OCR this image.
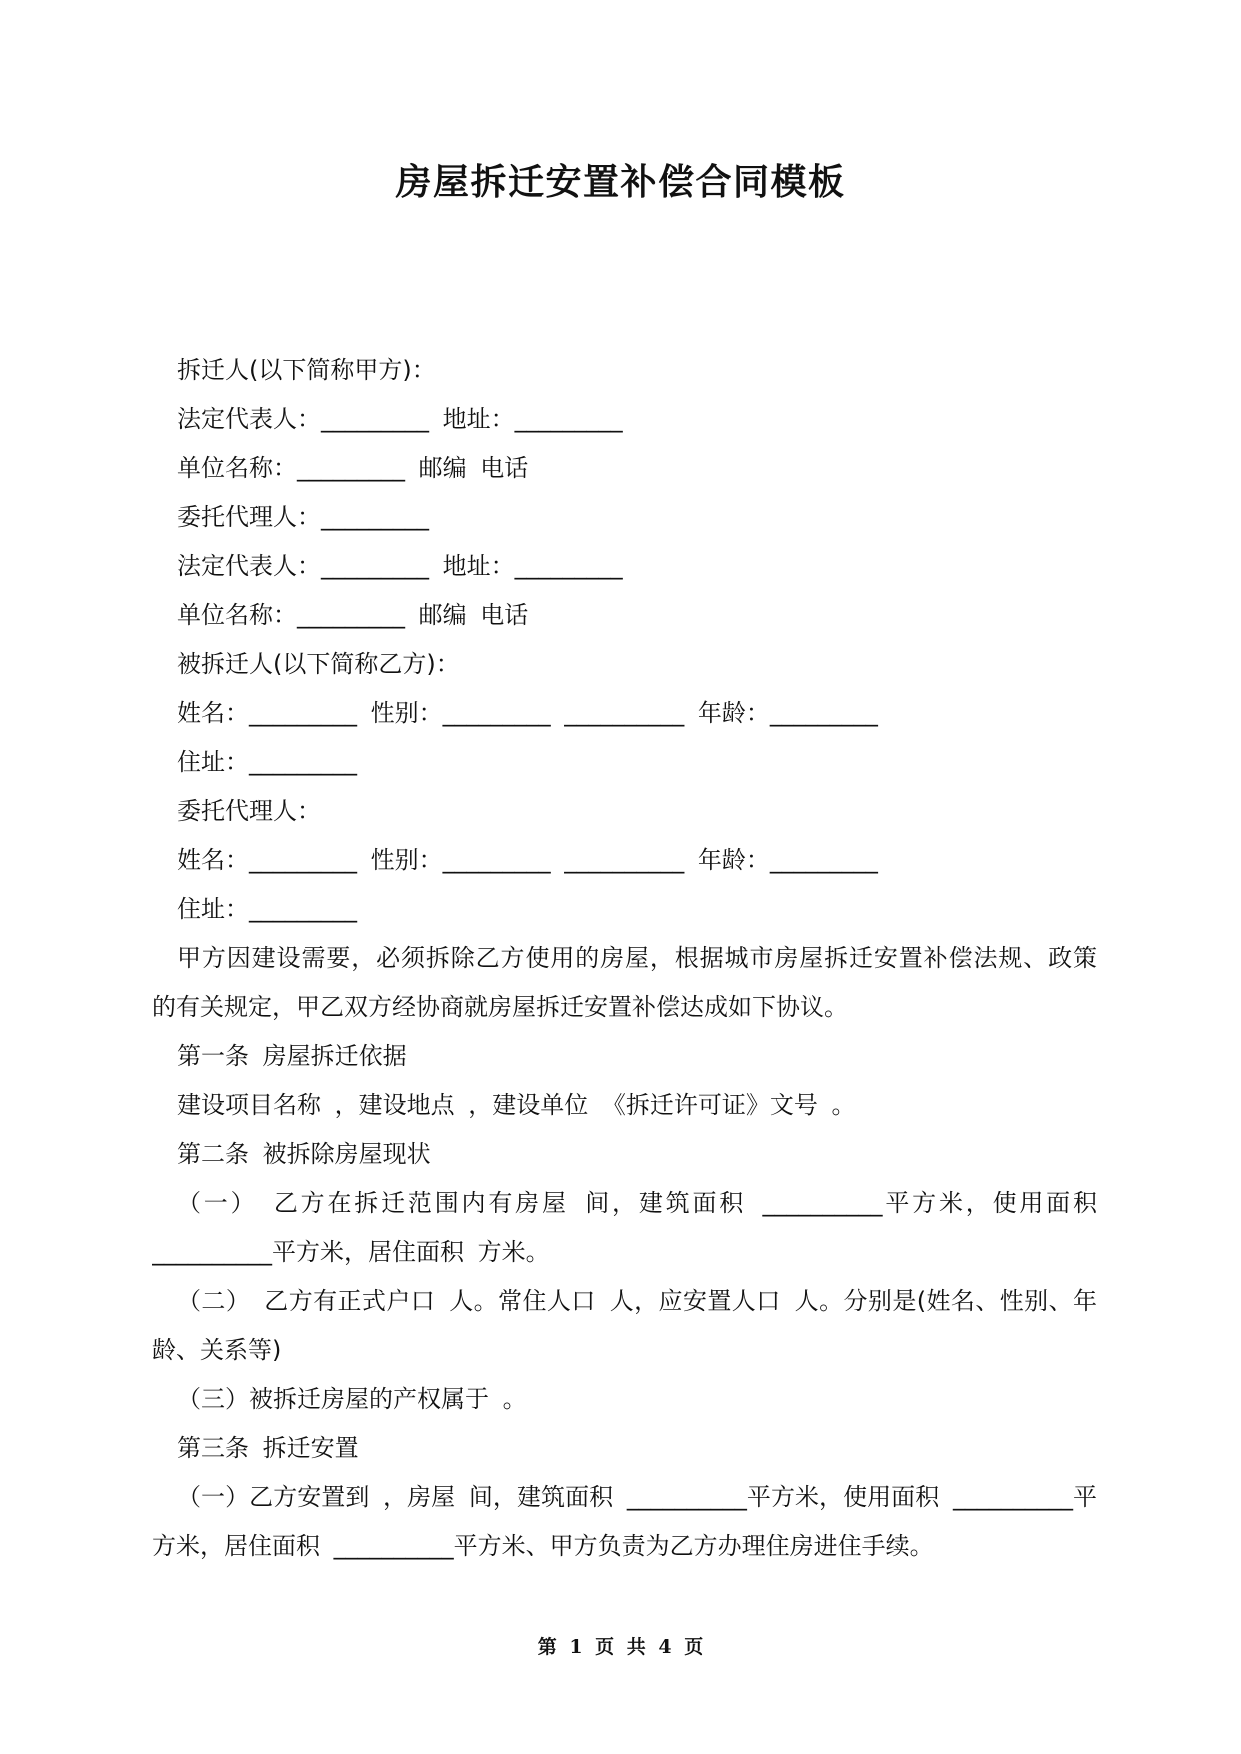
房屋拆迁安置补偿合同模板
拆迁人(以下简称甲方)：
法定代表人：_________ 地址：_________
单位名称：_________ 邮编 电话
委托代理人：_________
法定代表人：_________ 地址：_________
单位名称：_________ 邮编 电话
被拆迁人(以下简称乙方)：
姓名：_________ 性别：_________ __________ 年龄：_________
住址：_________
委托代理人：
姓名：_________ 性别：_________ __________ 年龄：_________
住址：_________
甲方因建设需要，必须拆除乙方使用的房屋，根据城市房屋拆迁安置补偿法规、政策
的有关规定，甲乙双方经协商就房屋拆迁安置补偿达成如下协议。
第一条 房屋拆迁依据
建设项目名称 ，建设地点 ，建设单位 《拆迁许可证》文号 。
第二条 被拆除房屋现状
（一） 乙方在拆迁范围内有房屋 间，建筑面积 __________平方米，使用面积
__________平方米，居住面积 方米。
（二） 乙方有正式户口 人。常住人口 人，应安置人口 人。分别是(姓名、性别、年
龄、关系等)
（三）被拆迁房屋的产权属于 。
第三条 拆迁安置
（一）乙方安置到 ，房屋 间，建筑面积 __________平方米，使用面积 __________平
方米，居住面积 __________平方米、甲方负责为乙方办理住房进住手续。
第 1 页 共 4 页
